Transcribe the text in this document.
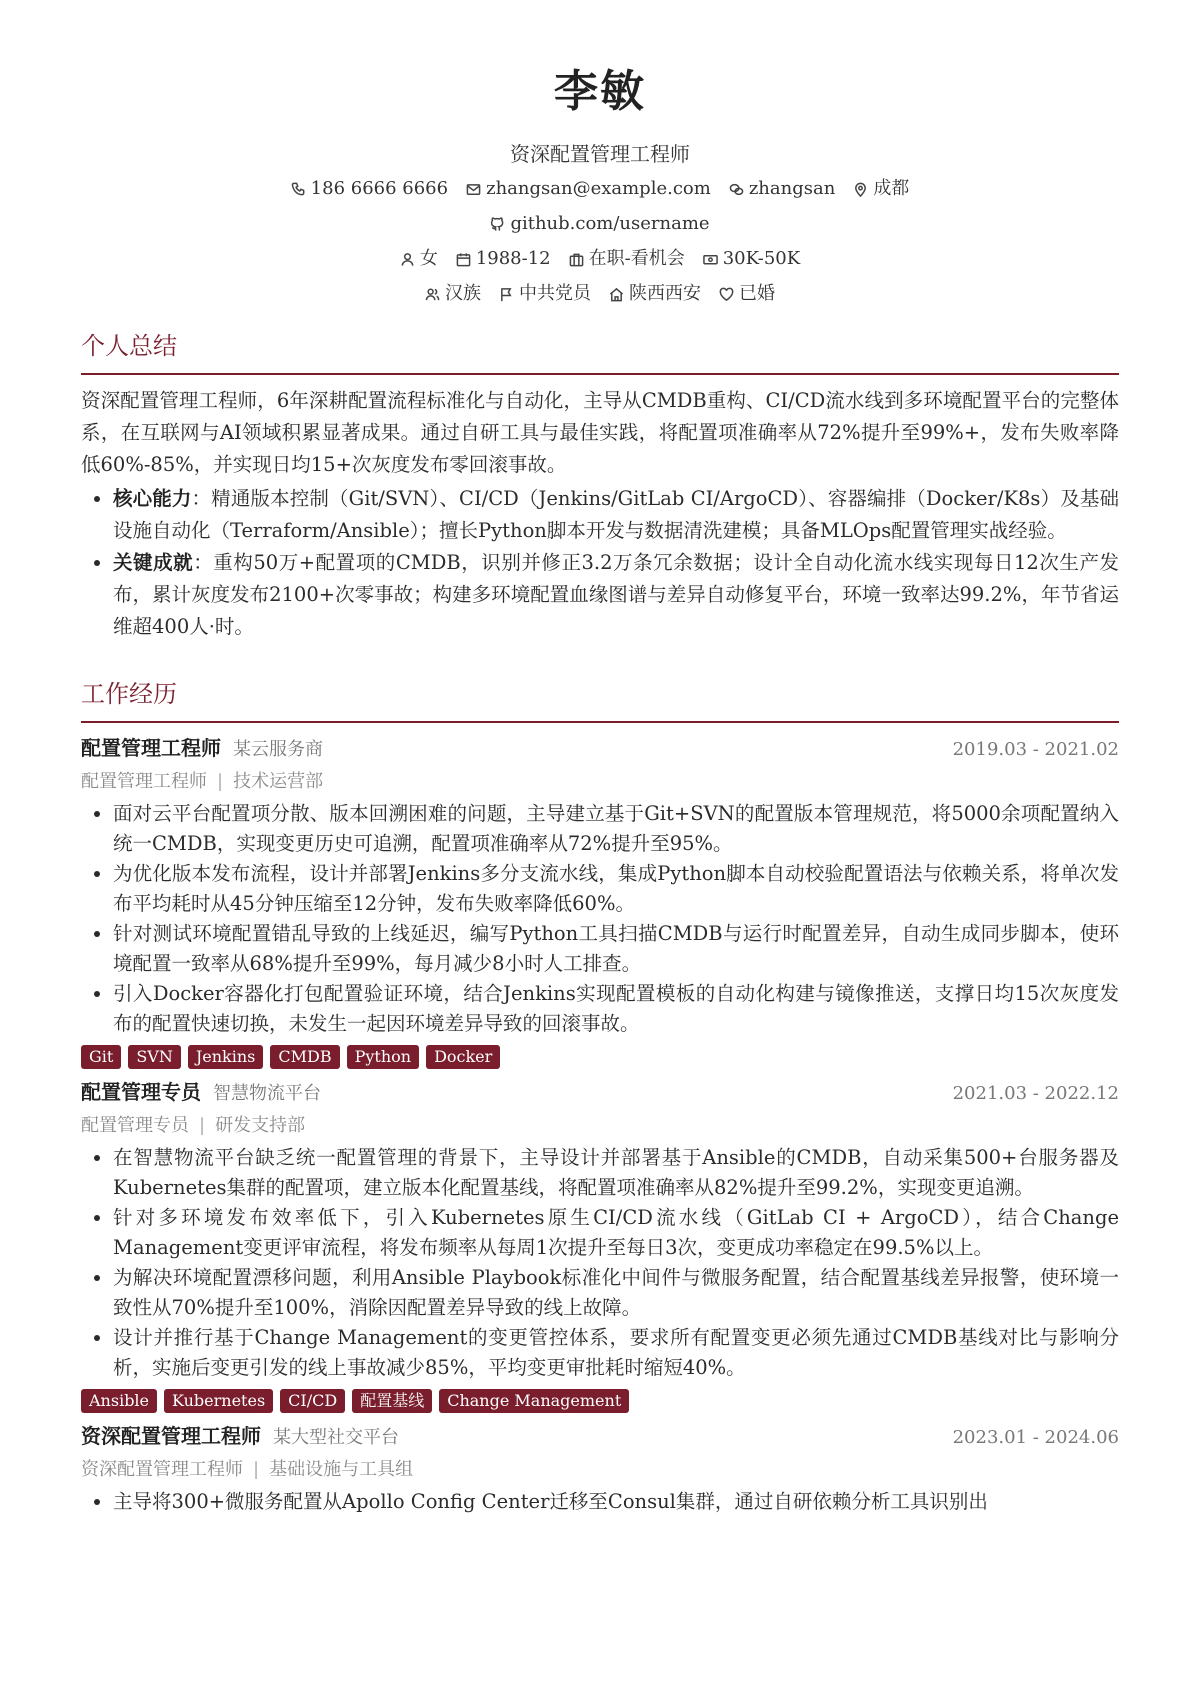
李敏
资深配置管理工程师
186 6666 6666 zhangsan@example.com zhangsan 成都
github.com/username
女 1988-12 在职-看机会 30K-50K
汉族 中共党员 陕西西安 已婚
个人总结
资深配置管理工程师，6年深耕配置流程标准化与自动化，主导从CMDB重构、CI/CD流水线到多环境配置平台的完整体系，在互联网与AI领域积累显著成果。通过自研工具与最佳实践，将配置项准确率从72%提升至99%+，发布失败率降低60%-85%，并实现日均15+次灰度发布零回滚事故。
• 核心能力：精通版本控制（Git/SVN）、CI/CD（Jenkins/GitLab CI/ArgoCD）、容器编排（Docker/K8s）及基础设施自动化（Terraform/Ansible）；擅长Python脚本开发与数据清洗建模；具备MLOps配置管理实战经验。
• 关键成就：重构50万+配置项的CMDB，识别并修正3.2万条冗余数据；设计全自动化流水线实现每日12次生产发布，累计灰度发布2100+次零事故；构建多环境配置血缘图谱与差异自动修复平台，环境一致率达99.2%，年节省运维超400人·时。
工作经历
配置管理工程师 某云服务商	2019.03 - 2021.02
配置管理工程师 | 技术运营部
• 面对云平台配置项分散、版本回溯困难的问题，主导建立基于Git+SVN的配置版本管理规范，将5000余项配置纳入统一CMDB，实现变更历史可追溯，配置项准确率从72%提升至95%。
• 为优化版本发布流程，设计并部署Jenkins多分支流水线，集成Python脚本自动校验配置语法与依赖关系，将单次发布平均耗时从45分钟压缩至12分钟，发布失败率降低60%。
• 针对测试环境配置错乱导致的上线延迟，编写Python工具扫描CMDB与运行时配置差异，自动生成同步脚本，使环境配置一致率从68%提升至99%，每月减少8小时人工排查。
• 引入Docker容器化打包配置验证环境，结合Jenkins实现配置模板的自动化构建与镜像推送，支撑日均15次灰度发布的配置快速切换，未发生一起因环境差异导致的回滚事故。
Git	SVN	Jenkins	CMDB	Python	Docker
配置管理专员 智慧物流平台	2021.03 - 2022.12
配置管理专员 | 研发支持部
• 在智慧物流平台缺乏统一配置管理的背景下，主导设计并部署基于Ansible的CMDB，自动采集500+台服务器及Kubernetes集群的配置项，建立版本化配置基线，将配置项准确率从82%提升至99.2%，实现变更追溯。
• 针对多环境发布效率低下，引入Kubernetes原生CI/CD流水线（GitLab CI + ArgoCD），结合Change Management变更评审流程，将发布频率从每周1次提升至每日3次，变更成功率稳定在99.5%以上。
• 为解决环境配置漂移问题，利用Ansible Playbook标准化中间件与微服务配置，结合配置基线差异报警，使环境一致性从70%提升至100%，消除因配置差异导致的线上故障。
• 设计并推行基于Change Management的变更管控体系，要求所有配置变更必须先通过CMDB基线对比与影响分析，实施后变更引发的线上事故减少85%，平均变更审批耗时缩短40%。
Ansible	Kubernetes	CI/CD	配置基线	Change Management
资深配置管理工程师 某大型社交平台	2023.01 - 2024.06
资深配置管理工程师 | 基础设施与工具组
• 主导将300+微服务配置从Apollo Config Center迁移至Consul集群，通过自研依赖分析工具识别出
